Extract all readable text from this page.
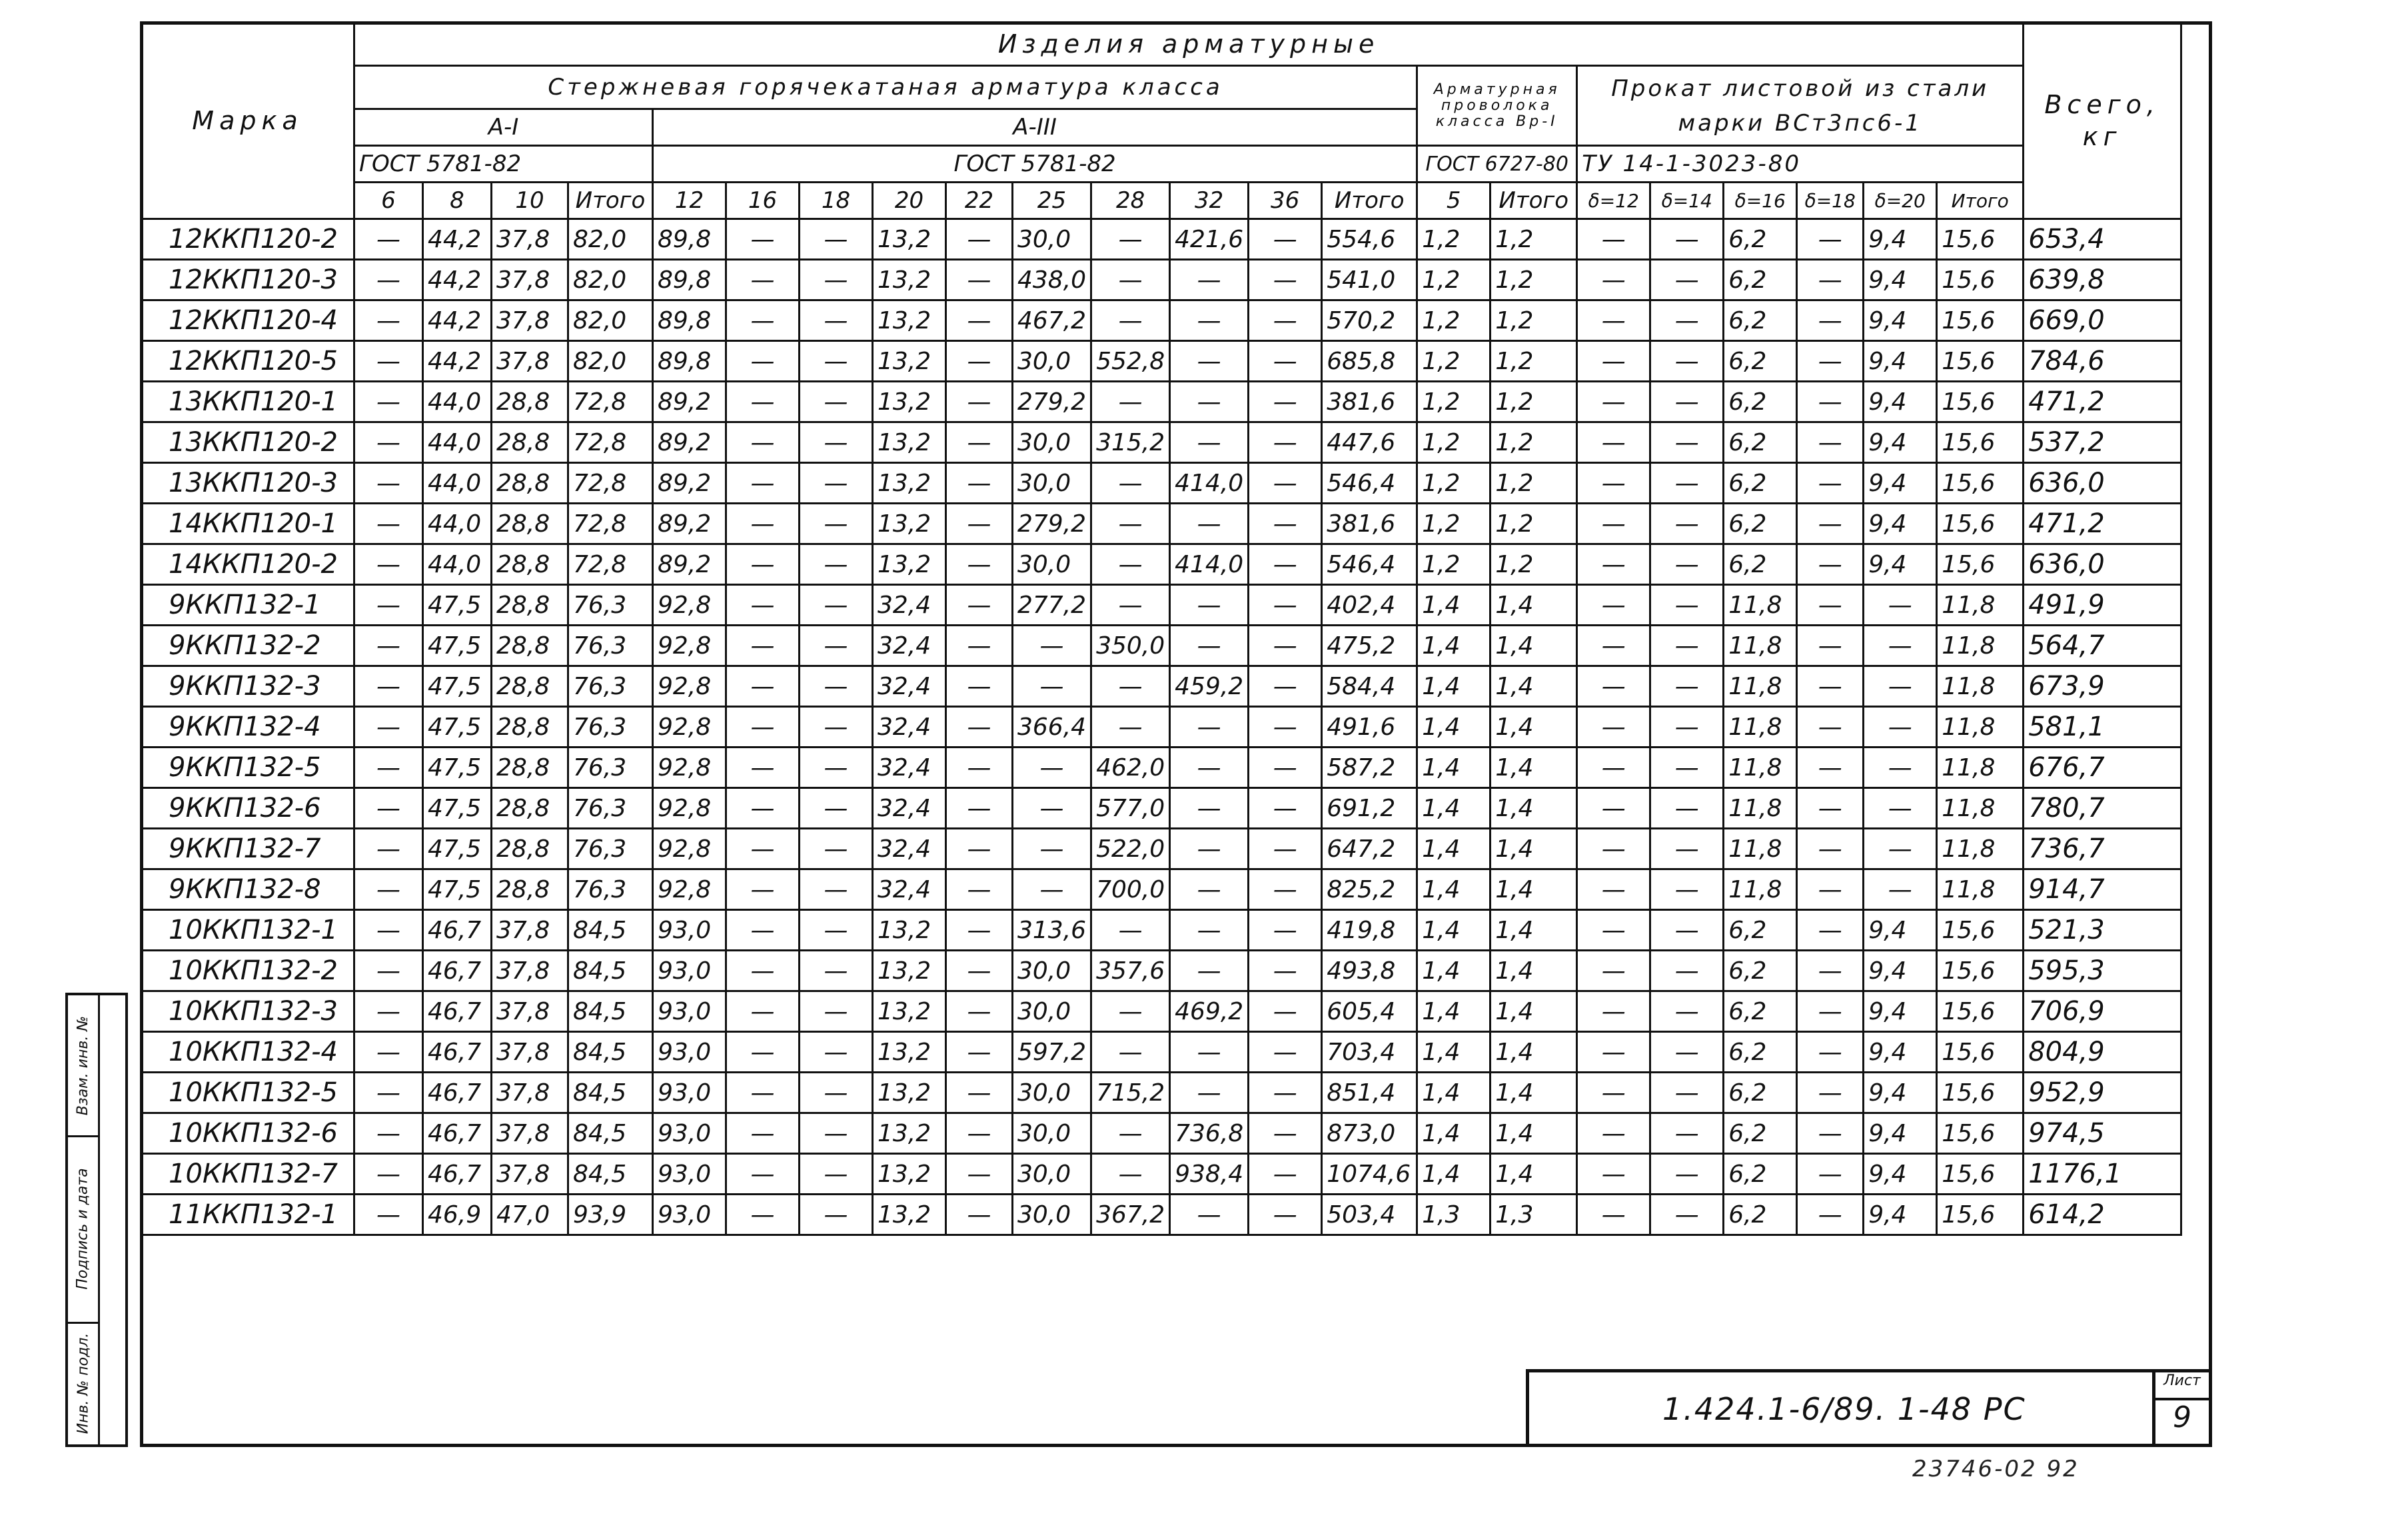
Взам. инв. №
Подпись и дата
Инв. № подл.
Марка	Изделия арматурные																						Всего, кг
	Стержневая горячекатаная арматура класса														Арматурная проволока класса Вр-I		Прокат листовой из стали марки ВСт3пс6-1						
	А-I				А-III																		
	ГОСТ 5781-82				ГОСТ 5781-82										ГОСТ 6727-80		ТУ 14-1-3023-80						
	6	8	10	Итого	12	16	18	20	22	25	28	32	36	Итого	5	Итого	δ=12	δ=14	δ=16	δ=18	δ=20	Итого	
12ККП120-2	—	44,2	37,8	82,0	89,8	—	—	13,2	—	30,0	—	421,6	—	554,6	1,2	1,2	—	—	6,2	—	9,4	15,6	653,4
12ККП120-3	—	44,2	37,8	82,0	89,8	—	—	13,2	—	438,0	—	—	—	541,0	1,2	1,2	—	—	6,2	—	9,4	15,6	639,8
12ККП120-4	—	44,2	37,8	82,0	89,8	—	—	13,2	—	467,2	—	—	—	570,2	1,2	1,2	—	—	6,2	—	9,4	15,6	669,0
12ККП120-5	—	44,2	37,8	82,0	89,8	—	—	13,2	—	30,0	552,8	—	—	685,8	1,2	1,2	—	—	6,2	—	9,4	15,6	784,6
13ККП120-1	—	44,0	28,8	72,8	89,2	—	—	13,2	—	279,2	—	—	—	381,6	1,2	1,2	—	—	6,2	—	9,4	15,6	471,2
13ККП120-2	—	44,0	28,8	72,8	89,2	—	—	13,2	—	30,0	315,2	—	—	447,6	1,2	1,2	—	—	6,2	—	9,4	15,6	537,2
13ККП120-3	—	44,0	28,8	72,8	89,2	—	—	13,2	—	30,0	—	414,0	—	546,4	1,2	1,2	—	—	6,2	—	9,4	15,6	636,0
14ККП120-1	—	44,0	28,8	72,8	89,2	—	—	13,2	—	279,2	—	—	—	381,6	1,2	1,2	—	—	6,2	—	9,4	15,6	471,2
14ККП120-2	—	44,0	28,8	72,8	89,2	—	—	13,2	—	30,0	—	414,0	—	546,4	1,2	1,2	—	—	6,2	—	9,4	15,6	636,0
9ККП132-1	—	47,5	28,8	76,3	92,8	—	—	32,4	—	277,2	—	—	—	402,4	1,4	1,4	—	—	11,8	—	—	11,8	491,9
9ККП132-2	—	47,5	28,8	76,3	92,8	—	—	32,4	—	—	350,0	—	—	475,2	1,4	1,4	—	—	11,8	—	—	11,8	564,7
9ККП132-3	—	47,5	28,8	76,3	92,8	—	—	32,4	—	—	—	459,2	—	584,4	1,4	1,4	—	—	11,8	—	—	11,8	673,9
9ККП132-4	—	47,5	28,8	76,3	92,8	—	—	32,4	—	366,4	—	—	—	491,6	1,4	1,4	—	—	11,8	—	—	11,8	581,1
9ККП132-5	—	47,5	28,8	76,3	92,8	—	—	32,4	—	—	462,0	—	—	587,2	1,4	1,4	—	—	11,8	—	—	11,8	676,7
9ККП132-6	—	47,5	28,8	76,3	92,8	—	—	32,4	—	—	577,0	—	—	691,2	1,4	1,4	—	—	11,8	—	—	11,8	780,7
9ККП132-7	—	47,5	28,8	76,3	92,8	—	—	32,4	—	—	522,0	—	—	647,2	1,4	1,4	—	—	11,8	—	—	11,8	736,7
9ККП132-8	—	47,5	28,8	76,3	92,8	—	—	32,4	—	—	700,0	—	—	825,2	1,4	1,4	—	—	11,8	—	—	11,8	914,7
10ККП132-1	—	46,7	37,8	84,5	93,0	—	—	13,2	—	313,6	—	—	—	419,8	1,4	1,4	—	—	6,2	—	9,4	15,6	521,3
10ККП132-2	—	46,7	37,8	84,5	93,0	—	—	13,2	—	30,0	357,6	—	—	493,8	1,4	1,4	—	—	6,2	—	9,4	15,6	595,3
10ККП132-3	—	46,7	37,8	84,5	93,0	—	—	13,2	—	30,0	—	469,2	—	605,4	1,4	1,4	—	—	6,2	—	9,4	15,6	706,9
10ККП132-4	—	46,7	37,8	84,5	93,0	—	—	13,2	—	597,2	—	—	—	703,4	1,4	1,4	—	—	6,2	—	9,4	15,6	804,9
10ККП132-5	—	46,7	37,8	84,5	93,0	—	—	13,2	—	30,0	715,2	—	—	851,4	1,4	1,4	—	—	6,2	—	9,4	15,6	952,9
10ККП132-6	—	46,7	37,8	84,5	93,0	—	—	13,2	—	30,0	—	736,8	—	873,0	1,4	1,4	—	—	6,2	—	9,4	15,6	974,5
10ККП132-7	—	46,7	37,8	84,5	93,0	—	—	13,2	—	30,0	—	938,4	—	1074,6	1,4	1,4	—	—	6,2	—	9,4	15,6	1176,1
11ККП132-1	—	46,9	47,0	93,9	93,0	—	—	13,2	—	30,0	367,2	—	—	503,4	1,3	1,3	—	—	6,2	—	9,4	15,6	614,2
1.424.1-6/89. 1-48 РС
Лист
9
23746-02 92
